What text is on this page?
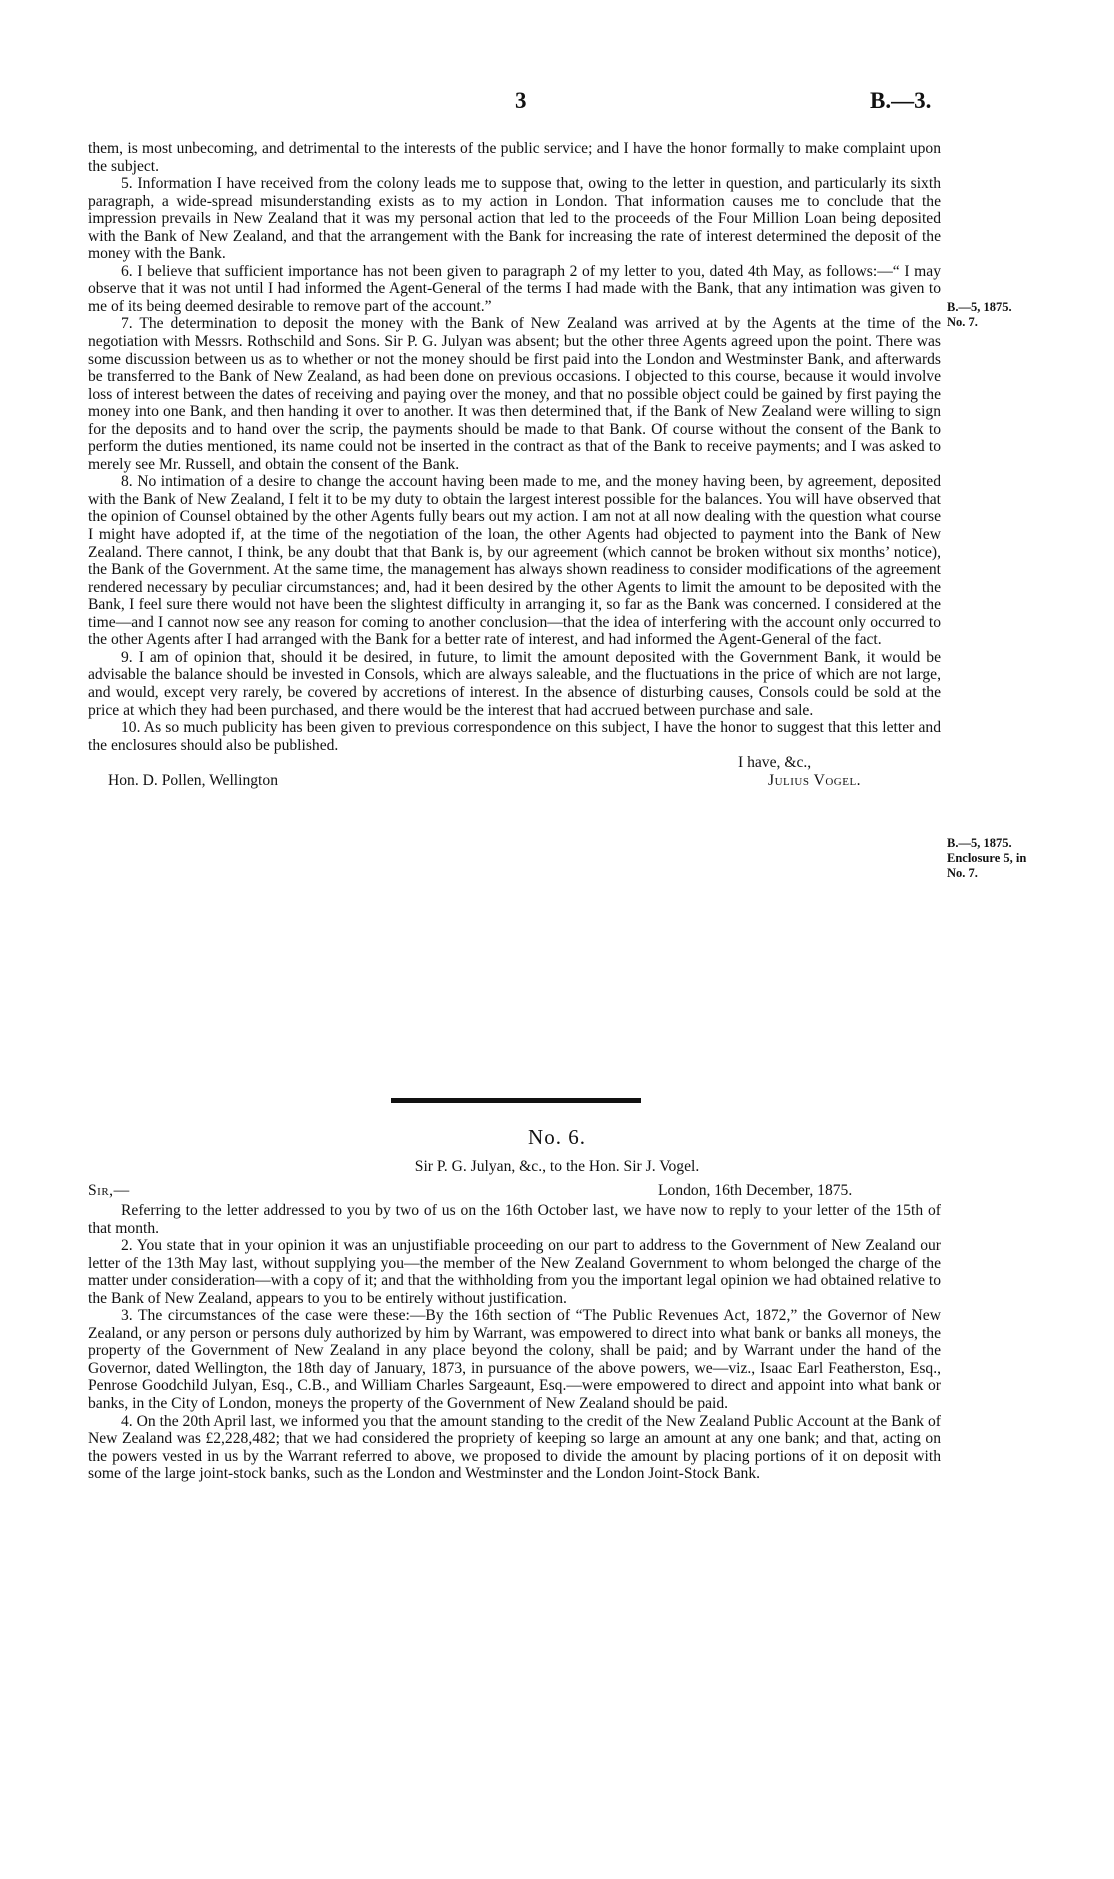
3	B.—3.

them, is most unbecoming, and detrimental to the interests of the public service; and I have the honor formally to make complaint upon the subject.

5. Information I have received from the colony leads me to suppose that, owing to the letter in question, and particularly its sixth paragraph, a wide-spread misunderstanding exists as to my action in London. That information causes me to conclude that the impression prevails in New Zealand that it was my personal action that led to the proceeds of the Four Million Loan being deposited with the Bank of New Zealand, and that the arrangement with the Bank for increasing the rate of interest determined the deposit of the money with the Bank.

6. I believe that sufficient importance has not been given to paragraph 2 of my letter to you, dated 4th May, as follows:—“ I may observe that it was not until I had informed the Agent-General of the terms I had made with the Bank, that any intimation was given to me of its being deemed desirable to remove part of the account.”

7. The determination to deposit the money with the Bank of New Zealand was arrived at by the Agents at the time of the negotiation with Messrs. Rothschild and Sons. Sir P. G. Julyan was absent; but the other three Agents agreed upon the point. There was some discussion between us as to whether or not the money should be first paid into the London and Westminster Bank, and afterwards be transferred to the Bank of New Zealand, as had been done on previous occasions. I objected to this course, because it would involve loss of interest between the dates of receiving and paying over the money, and that no possible object could be gained by first paying the money into one Bank, and then handing it over to another. It was then determined that, if the Bank of New Zealand were willing to sign for the deposits and to hand over the scrip, the payments should be made to that Bank. Of course without the consent of the Bank to perform the duties mentioned, its name could not be inserted in the contract as that of the Bank to receive payments; and I was asked to merely see Mr. Russell, and obtain the consent of the Bank.

8. No intimation of a desire to change the account having been made to me, and the money having been, by agreement, deposited with the Bank of New Zealand, I felt it to be my duty to obtain the largest interest possible for the balances. You will have observed that the opinion of Counsel obtained by the other Agents fully bears out my action. I am not at all now dealing with the question what course I might have adopted if, at the time of the negotiation of the loan, the other Agents had objected to payment into the Bank of New Zealand. There cannot, I think, be any doubt that that Bank is, by our agreement (which cannot be broken without six months’ notice), the Bank of the Government. At the same time, the management has always shown readiness to consider modifications of the agreement rendered necessary by peculiar circumstances; and, had it been desired by the other Agents to limit the amount to be deposited with the Bank, I feel sure there would not have been the slightest difficulty in arranging it, so far as the Bank was concerned. I considered at the time—and I cannot now see any reason for coming to another conclusion—that the idea of interfering with the account only occurred to the other Agents after I had arranged with the Bank for a better rate of interest, and had informed the Agent-General of the fact.

9. I am of opinion that, should it be desired, in future, to limit the amount deposited with the Government Bank, it would be advisable the balance should be invested in Consols, which are always saleable, and the fluctuations in the price of which are not large, and would, except very rarely, be covered by accretions of interest. In the absence of disturbing causes, Consols could be sold at the price at which they had been purchased, and there would be the interest that had accrued between purchase and sale.

10. As so much publicity has been given to previous correspondence on this subject, I have the honor to suggest that this letter and the enclosures should also be published.

I have, &c.,
Hon. D. Pollen, Wellington	Julius Vogel.
B.—5, 1875.
No. 7.
B.—5, 1875.
Enclosure 5, in
No. 7.
No. 6.
Sir P. G. Julyan, &c., to the Hon. Sir J. Vogel.
Sir,—	London, 16th December, 1875.

Referring to the letter addressed to you by two of us on the 16th October last, we have now to reply to your letter of the 15th of that month.

2. You state that in your opinion it was an unjustifiable proceeding on our part to address to the Government of New Zealand our letter of the 13th May last, without supplying you—the member of the New Zealand Government to whom belonged the charge of the matter under consideration—with a copy of it; and that the withholding from you the important legal opinion we had obtained relative to the Bank of New Zealand, appears to you to be entirely without justification.

3. The circumstances of the case were these:—By the 16th section of “The Public Revenues Act, 1872,” the Governor of New Zealand, or any person or persons duly authorized by him by Warrant, was empowered to direct into what bank or banks all moneys, the property of the Government of New Zealand in any place beyond the colony, shall be paid; and by Warrant under the hand of the Governor, dated Wellington, the 18th day of January, 1873, in pursuance of the above powers, we—viz., Isaac Earl Featherston, Esq., Penrose Goodchild Julyan, Esq., C.B., and William Charles Sargeaunt, Esq.—were empowered to direct and appoint into what bank or banks, in the City of London, moneys the property of the Government of New Zealand should be paid.

4. On the 20th April last, we informed you that the amount standing to the credit of the New Zealand Public Account at the Bank of New Zealand was £2,228,482; that we had considered the propriety of keeping so large an amount at any one bank; and that, acting on the powers vested in us by the Warrant referred to above, we proposed to divide the amount by placing portions of it on deposit with some of the large joint-stock banks, such as the London and Westminster and the London Joint-Stock Bank.
